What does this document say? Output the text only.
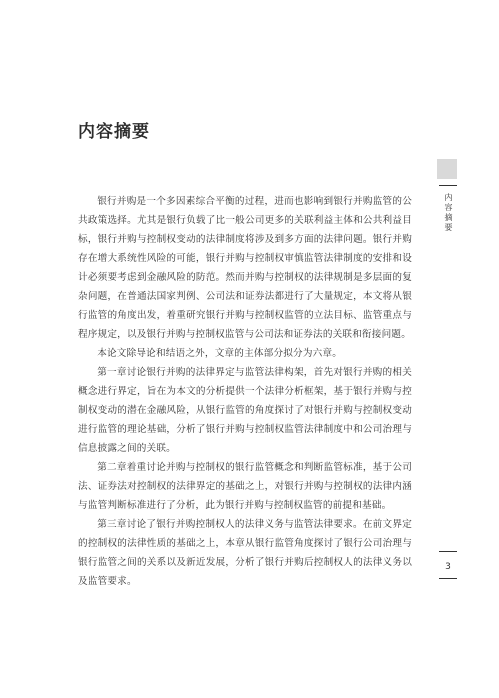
内容摘要

银行并购是一个多因素综合平衡的过程，进而也影响到银行并购监管的公共政策选择。尤其是银行负载了比一般公司更多的关联利益主体和公共利益目标，银行并购与控制权变动的法律制度将涉及到多方面的法律问题。银行并购存在增大系统性风险的可能，银行并购与控制权审慎监管法律制度的安排和设计必须要考虑到金融风险的防范。然而并购与控制权的法律规制是多层面的复杂问题，在普通法国家判例、公司法和证券法都进行了大量规定，本文将从银行监管的角度出发，着重研究银行并购与控制权监管的立法目标、监管重点与程序规定，以及银行并购与控制权监管与公司法和证券法的关联和衔接问题。

本论文除导论和结语之外，文章的主体部分拟分为六章。

第一章讨论银行并购的法律界定与监管法律构架，首先对银行并购的相关概念进行界定，旨在为本文的分析提供一个法律分析框架，基于银行并购与控制权变动的潜在金融风险，从银行监管的角度探讨了对银行并购与控制权变动进行监管的理论基础，分析了银行并购与控制权监管法律制度中和公司治理与信息披露之间的关联。

第二章着重讨论并购与控制权的银行监管概念和判断监管标准，基于公司法、证券法对控制权的法律界定的基础之上，对银行并购与控制权的法律内涵与监管判断标准进行了分析，此为银行并购与控制权监管的前提和基础。

第三章讨论了银行并购控制权人的法律义务与监管法律要求。在前文界定的控制权的法律性质的基础之上，本章从银行监管角度探讨了银行公司治理与银行监管之间的关系以及新近发展，分析了银行并购后控制权人的法律义务以及监管要求。

内容摘要
3
